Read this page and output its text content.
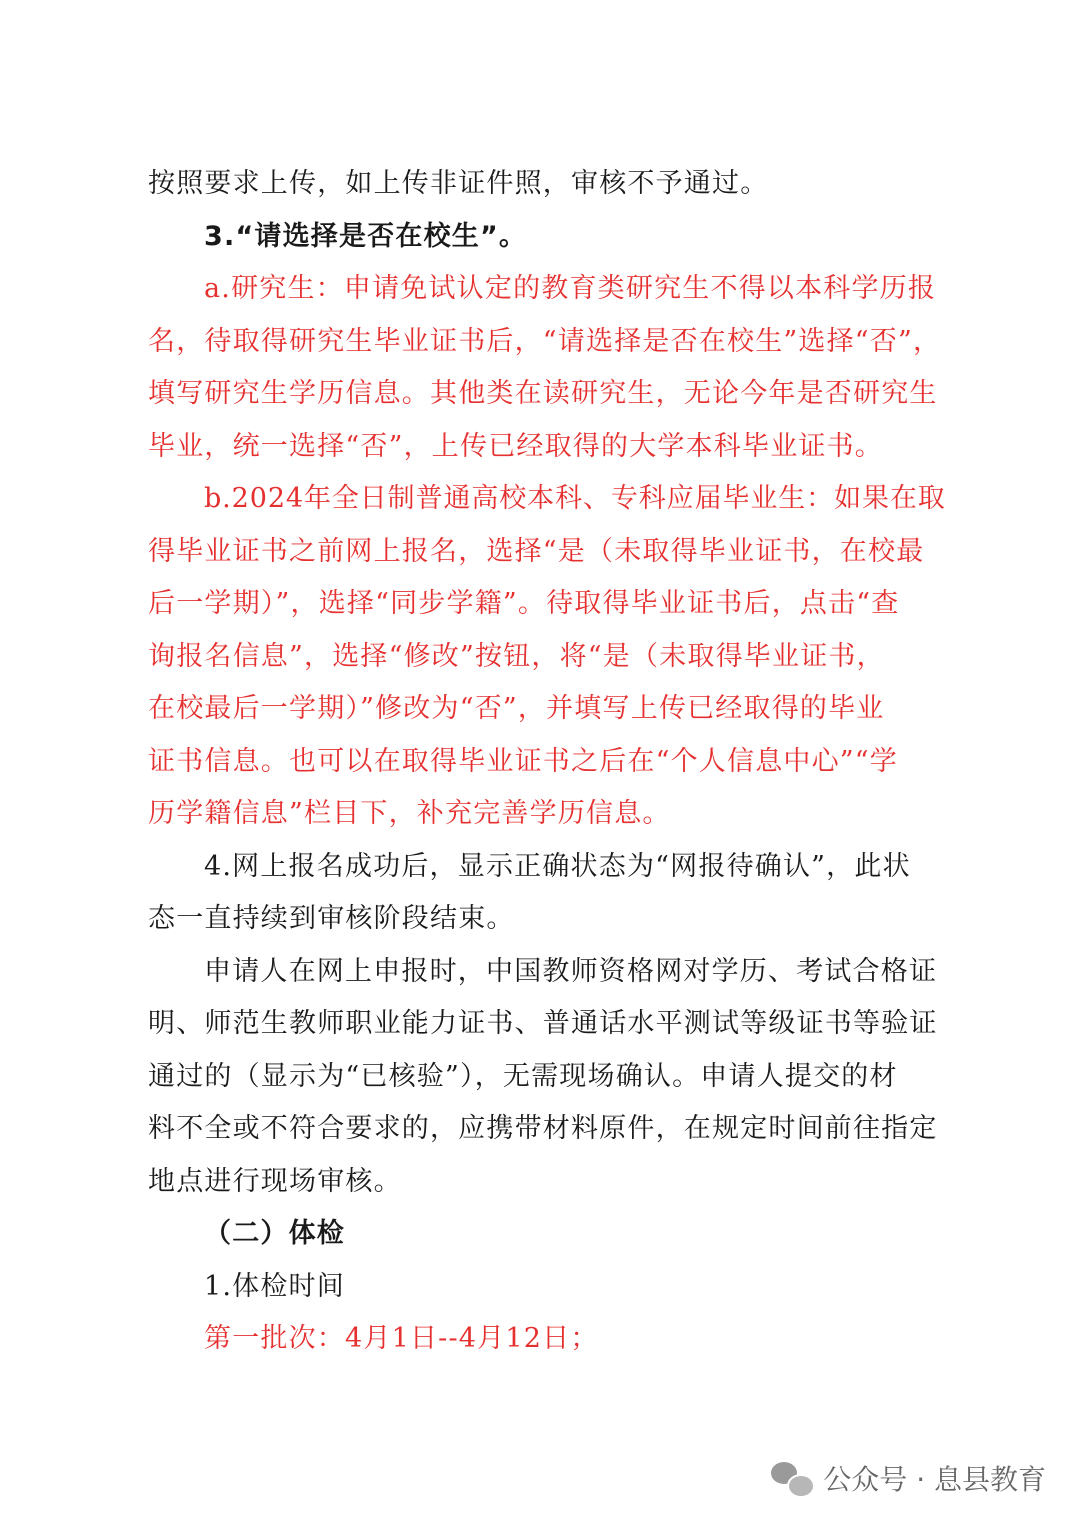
按照要求上传，如上传非证件照，审核不予通过。
3.“请选择是否在校生”。
a.研究生：申请免试认定的教育类研究生不得以本科学历报
名，待取得研究生毕业证书后，“请选择是否在校生”选择“否”，
填写研究生学历信息。其他类在读研究生，无论今年是否研究生
毕业，统一选择“否”，上传已经取得的大学本科毕业证书。
b.2024年全日制普通高校本科、专科应届毕业生：如果在取
得毕业证书之前网上报名，选择“是（未取得毕业证书，在校最
后一学期）”，选择“同步学籍”。待取得毕业证书后，点击“查
询报名信息”，选择“修改”按钮，将“是（未取得毕业证书，
在校最后一学期）”修改为“否”，并填写上传已经取得的毕业
证书信息。也可以在取得毕业证书之后在“个人信息中心”“学
历学籍信息”栏目下，补充完善学历信息。
4.网上报名成功后，显示正确状态为“网报待确认”，此状
态一直持续到审核阶段结束。
申请人在网上申报时，中国教师资格网对学历、考试合格证
明、师范生教师职业能力证书、普通话水平测试等级证书等验证
通过的（显示为“已核验”），无需现场确认。申请人提交的材
料不全或不符合要求的，应携带材料原件，在规定时间前往指定
地点进行现场审核。
（二）体检
1.体检时间
第一批次：4月1日--4月12日；
公众号 · 息县教育
